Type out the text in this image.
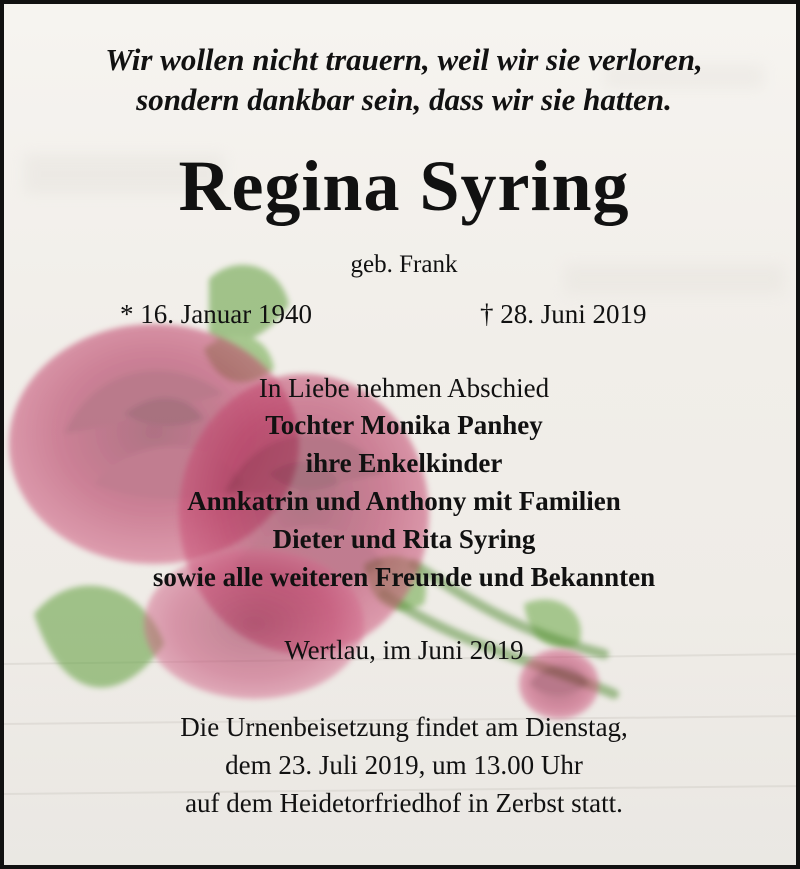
Wir wollen nicht trauern, weil wir sie verloren,
sondern dankbar sein, dass wir sie hatten.
Regina Syring
geb. Frank
* 16. Januar 1940	† 28. Juni 2019
In Liebe nehmen Abschied
Tochter Monika Panhey
ihre Enkelkinder
Annkatrin und Anthony mit Familien
Dieter und Rita Syring
sowie alle weiteren Freunde und Bekannten
Wertlau, im Juni 2019
Die Urnenbeisetzung findet am Dienstag,
dem 23. Juli 2019, um 13.00 Uhr
auf dem Heidetorfriedhof in Zerbst statt.
